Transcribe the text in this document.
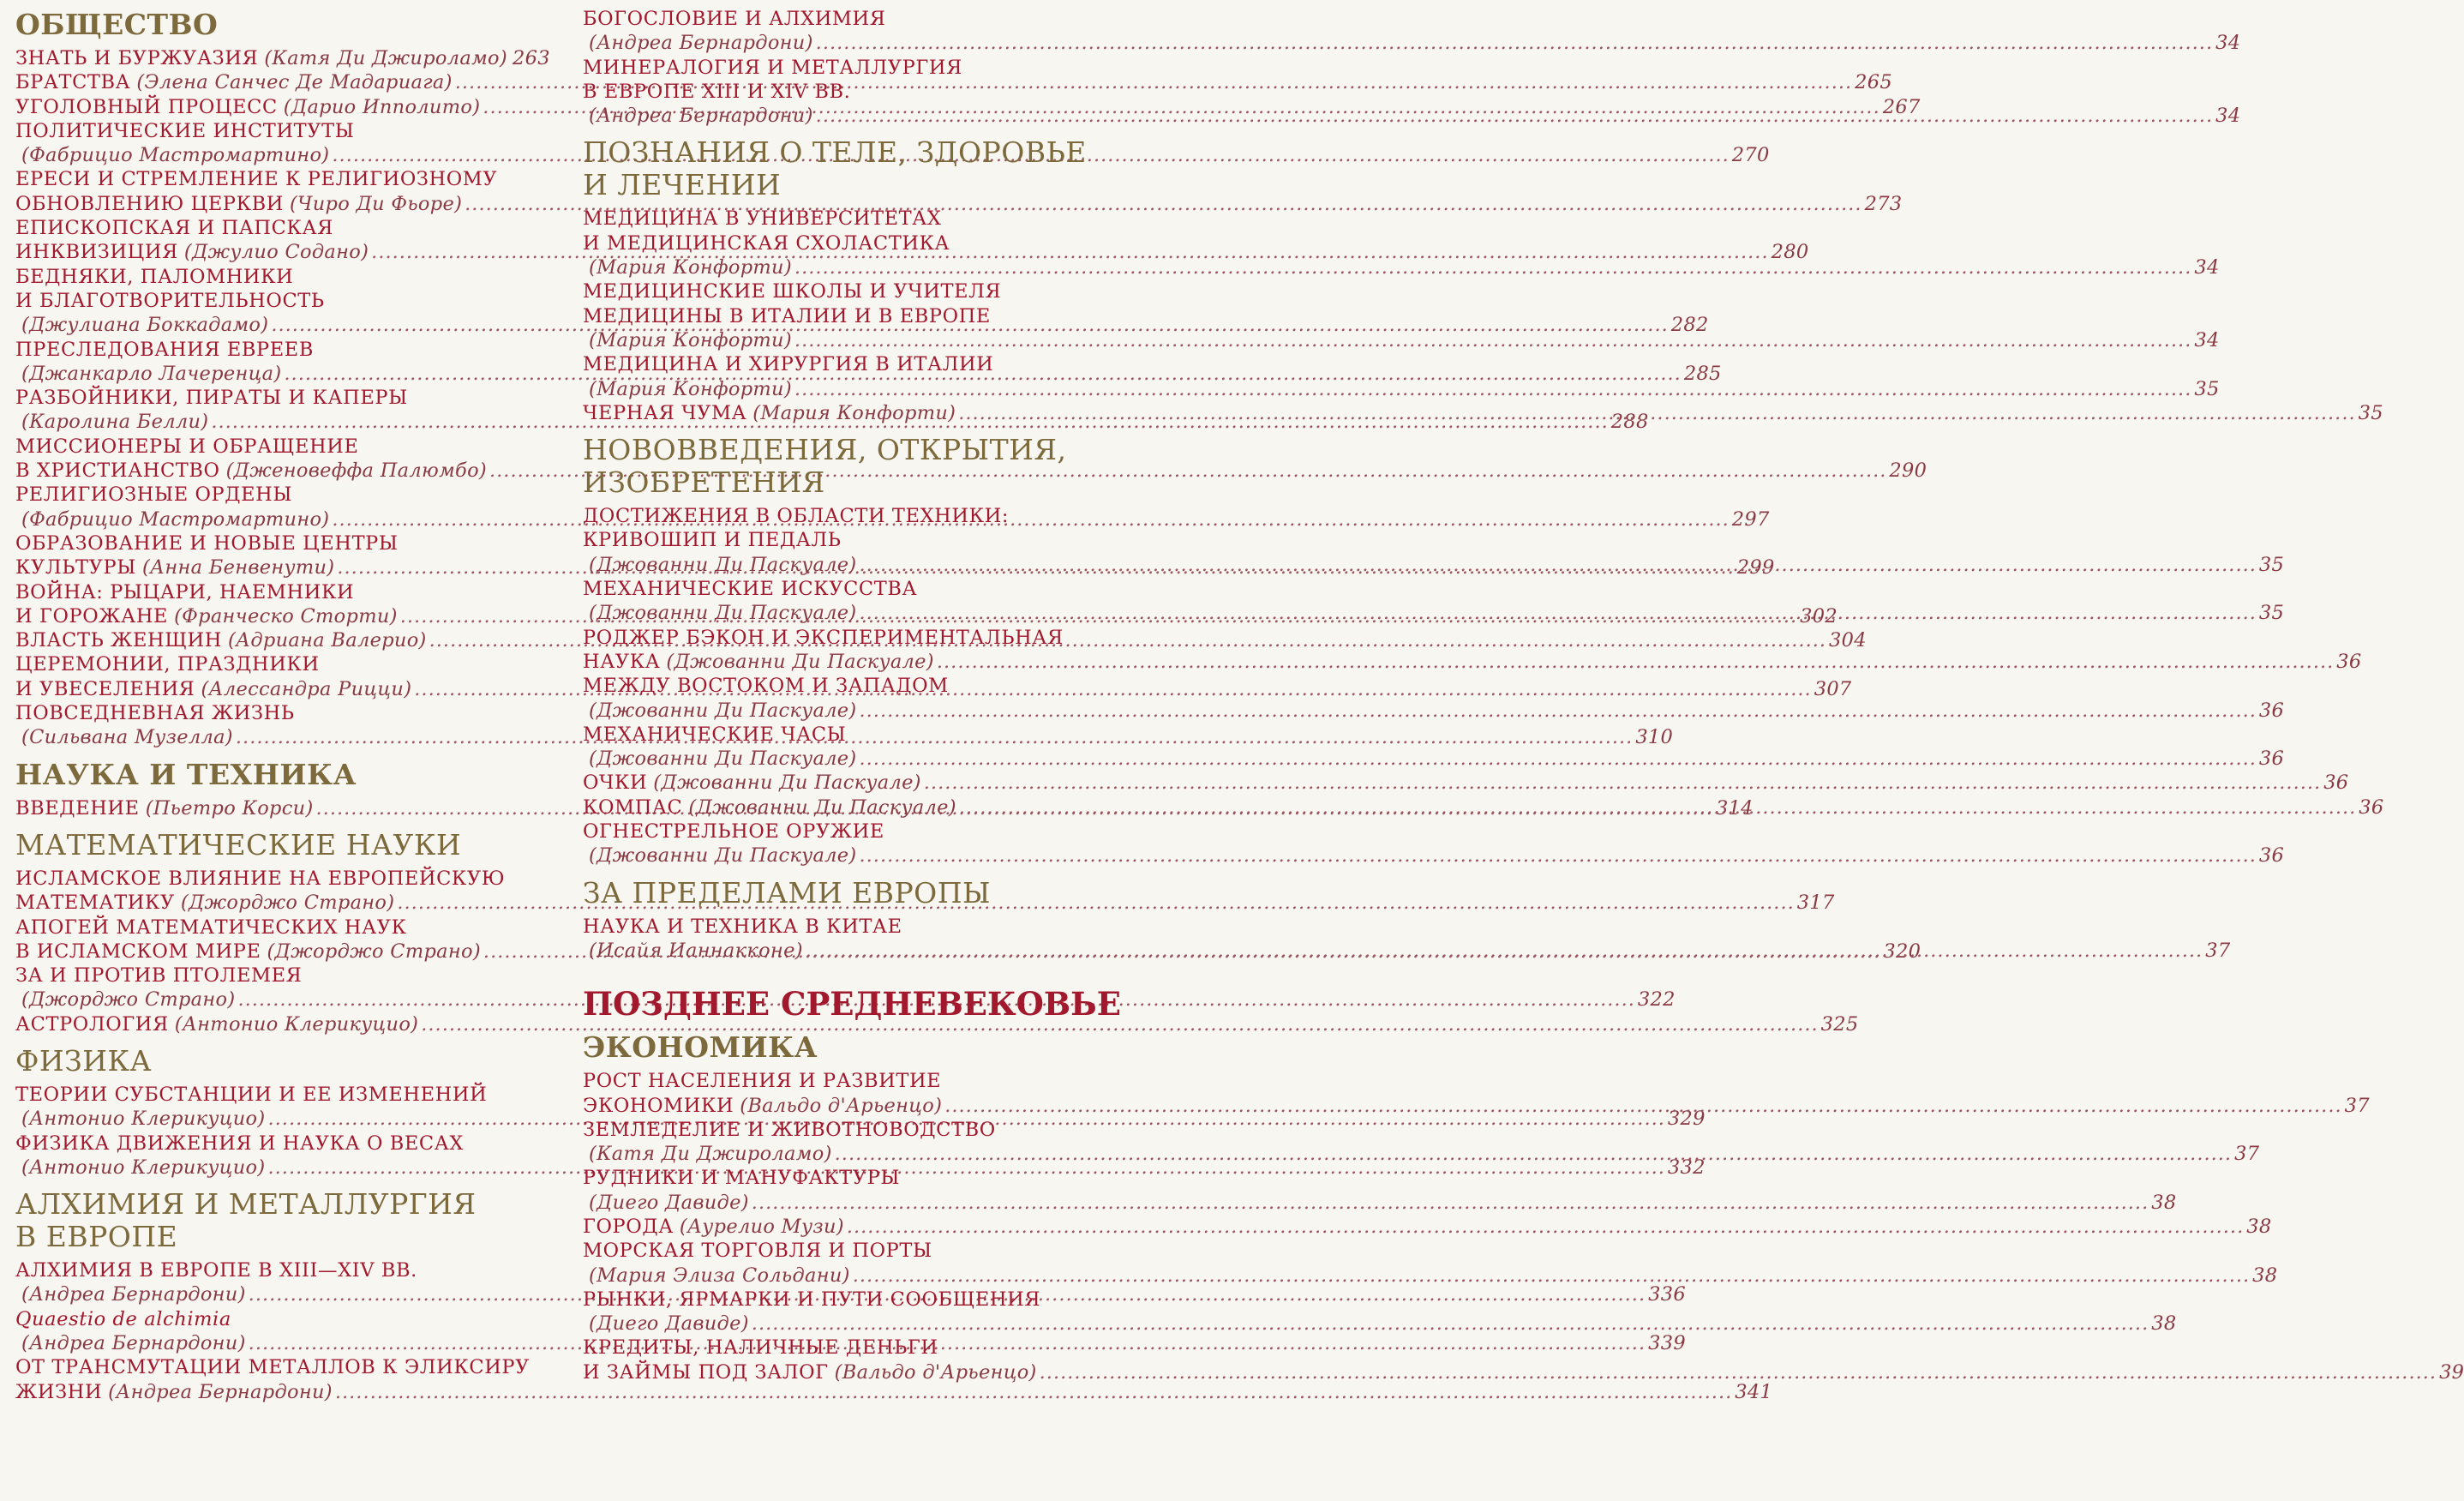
ОБЩЕСТВО
ЗНАТЬ И БУРЖУАЗИЯ (Катя Ди Джироламо) 263
БРАТСТВА (Элена Санчес Де Мадариага) .....	265
УГОЛОВНЫЙ ПРОЦЕСС (Дарио Ипполито) .....	267
ПОЛИТИЧЕСКИЕ ИНСТИТУТЫ
(Фабрицио Мастромартино) .....	270
ЕРЕСИ И СТРЕМЛЕНИЕ К РЕЛИГИОЗНОМУ
ОБНОВЛЕНИЮ ЦЕРКВИ (Чиро Ди Фьоре) .....	273
ЕПИСКОПСКАЯ И ПАПСКАЯ
ИНКВИЗИЦИЯ (Джулио Содано) .....	280
БЕДНЯКИ, ПАЛОМНИКИ
И БЛАГОТВОРИТЕЛЬНОСТЬ
(Джулиана Боккадамо) .....	282
ПРЕСЛЕДОВАНИЯ ЕВРЕЕВ
(Джанкарло Лачеренца) .....	285
РАЗБОЙНИКИ, ПИРАТЫ И КАПЕРЫ
(Каролина Белли) .....	288
МИССИОНЕРЫ И ОБРАЩЕНИЕ
В ХРИСТИАНСТВО (Дженовеффа Палюмбо) .....	290
РЕЛИГИОЗНЫЕ ОРДЕНЫ
(Фабрицио Мастромартино) .....	297
ОБРАЗОВАНИЕ И НОВЫЕ ЦЕНТРЫ
КУЛЬТУРЫ (Анна Бенвенути) .....	299
ВОЙНА: РЫЦАРИ, НАЕМНИКИ
И ГОРОЖАНЕ (Франческо Сторти) .....	302
ВЛАСТЬ ЖЕНЩИН (Адриана Валерио) .....	304
ЦЕРЕМОНИИ, ПРАЗДНИКИ
И УВЕСЕЛЕНИЯ (Алессандра Рицци) .....	307
ПОВСЕДНЕВНАЯ ЖИЗНЬ
(Сильвана Музелла) .....	310
НАУКА И ТЕХНИКА
ВВЕДЕНИЕ (Пьетро Корси) .....	314
МАТЕМАТИЧЕСКИЕ НАУКИ
ИСЛАМСКОЕ ВЛИЯНИЕ НА ЕВРОПЕЙСКУЮ
МАТЕМАТИКУ (Джорджо Страно) .....	317
АПОГЕЙ МАТЕМАТИЧЕСКИХ НАУК
В ИСЛАМСКОМ МИРЕ (Джорджо Страно) .....	320
ЗА И ПРОТИВ ПТОЛЕМЕЯ
(Джорджо Страно) .....	322
АСТРОЛОГИЯ (Антонио Клерикуцио) .....	325
ФИЗИКА
ТЕОРИИ СУБСТАНЦИИ И ЕЕ ИЗМЕНЕНИЙ
(Антонио Клерикуцио) .....	329
ФИЗИКА ДВИЖЕНИЯ И НАУКА О ВЕСАХ
(Антонио Клерикуцио) .....	332
АЛХИМИЯ И МЕТАЛЛУРГИЯ
В ЕВРОПЕ
АЛХИМИЯ В ЕВРОПЕ В XIII—XIV ВВ.
(Андреа Бернардони) .....	336
Quaestio de alchimia
(Андреа Бернардони) .....	339
ОТ ТРАНСМУТАЦИИ МЕТАЛЛОВ К ЭЛИКСИРУ
ЖИЗНИ (Андреа Бернардони) .....	341
БОГОСЛОВИЕ И АЛХИМИЯ
(Андреа Бернардони) .....	34
МИНЕРАЛОГИЯ И МЕТАЛЛУРГИЯ
В ЕВРОПЕ XIII И XIV ВВ.
(Андреа Бернардони) .....	34
ПОЗНАНИЯ О ТЕЛЕ, ЗДОРОВЬЕ
И ЛЕЧЕНИИ
МЕДИЦИНА В УНИВЕРСИТЕТАХ
И МЕДИЦИНСКАЯ СХОЛАСТИКА
(Мария Конфорти) .....	34
МЕДИЦИНСКИЕ ШКОЛЫ И УЧИТЕЛЯ
МЕДИЦИНЫ В ИТАЛИИ И В ЕВРОПЕ
(Мария Конфорти) .....	34
МЕДИЦИНА И ХИРУРГИЯ В ИТАЛИИ
(Мария Конфорти) .....	35
ЧЕРНАЯ ЧУМА (Мария Конфорти) .....	35
НОВОВВЕДЕНИЯ, ОТКРЫТИЯ,
ИЗОБРЕТЕНИЯ
ДОСТИЖЕНИЯ В ОБЛАСТИ ТЕХНИКИ:
КРИВОШИП И ПЕДАЛЬ
(Джованни Ди Паскуале) .....	35
МЕХАНИЧЕСКИЕ ИСКУССТВА
(Джованни Ди Паскуале) .....	35
РОДЖЕР БЭКОН И ЭКСПЕРИМЕНТАЛЬНАЯ
НАУКА (Джованни Ди Паскуале) .....	36
МЕЖДУ ВОСТОКОМ И ЗАПАДОМ
(Джованни Ди Паскуале) .....	36
МЕХАНИЧЕСКИЕ ЧАСЫ
(Джованни Ди Паскуале) .....	36
ОЧКИ (Джованни Ди Паскуале) .....	36
КОМПАС (Джованни Ди Паскуале) .....	36
ОГНЕСТРЕЛЬНОЕ ОРУЖИЕ
(Джованни Ди Паскуале) .....	36
ЗА ПРЕДЕЛАМИ ЕВРОПЫ
НАУКА И ТЕХНИКА В КИТАЕ
(Исайя Ианнакконе) .....	37
ПОЗДНЕЕ СРЕДНЕВЕКОВЬЕ
ЭКОНОМИКА
РОСТ НАСЕЛЕНИЯ И РАЗВИТИЕ
ЭКОНОМИКИ (Вальдо д'Арьенцо) .....	37
ЗЕМЛЕДЕЛИЕ И ЖИВОТНОВОДСТВО
(Катя Ди Джироламо) .....	37
РУДНИКИ И МАНУФАКТУРЫ
(Диего Давиде) .....	38
ГОРОДА (Аурелио Музи) .....	38
МОРСКАЯ ТОРГОВЛЯ И ПОРТЫ
(Мария Элиза Сольдани) .....	38
РЫНКИ, ЯРМАРКИ И ПУТИ СООБЩЕНИЯ
(Диего Давиде) .....	38
КРЕДИТЫ, НАЛИЧНЫЕ ДЕНЬГИ
И ЗАЙМЫ ПОД ЗАЛОГ (Вальдо д'Арьенцо) .....	39
